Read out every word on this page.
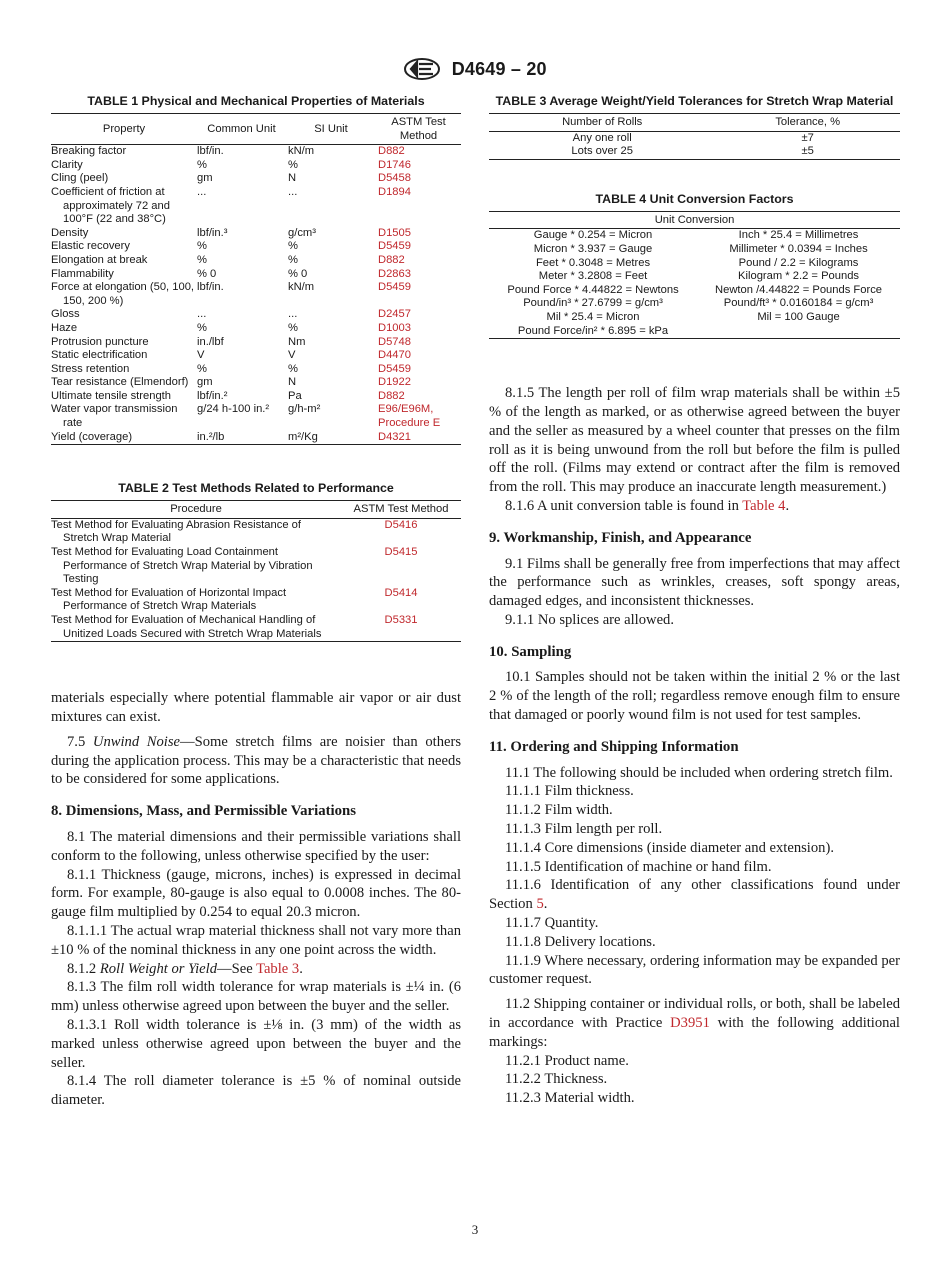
D4649 – 20
TABLE 1 Physical and Mechanical Properties of Materials
Property	Common Unit	SI Unit	ASTM Test Method
Breaking factor	lbf/in.	kN/m	D882
Clarity	%	%	D1746
Cling (peel)	gm	N	D5458
Coefficient of friction at approximately 72 and 100°F (22 and 38°C)	...	...	D1894
Density	lbf/in.³	g/cm³	D1505
Elastic recovery	%	%	D5459
Elongation at break	%	%	D882
Flammability	% 0	% 0	D2863
Force at elongation (50, 100, 150, 200 %)	lbf/in.	kN/m	D5459
Gloss	...	...	D2457
Haze	%	%	D1003
Protrusion puncture	in./lbf	Nm	D5748
Static electrification	V	V	D4470
Stress retention	%	%	D5459
Tear resistance (Elmendorf)	gm	N	D1922
Ultimate tensile strength	lbf/in.²	Pa	D882
Water vapor transmission rate	g/24 h-100 in.²	g/h-m²	E96/E96M, Procedure E
Yield (coverage)	in.²/lb	m²/Kg	D4321
TABLE 2 Test Methods Related to Performance
Procedure	ASTM Test Method
Test Method for Evaluating Abrasion Resistance of Stretch Wrap Material	D5416
Test Method for Evaluating Load Containment Performance of Stretch Wrap Material by Vibration Testing	D5415
Test Method for Evaluation of Horizontal Impact Performance of Stretch Wrap Materials	D5414
Test Method for Evaluation of Mechanical Handling of Unitized Loads Secured with Stretch Wrap Materials	D5331

materials especially where potential flammable air vapor or air dust mixtures can exist.

7.5 Unwind Noise—Some stretch films are noisier than others during the application process. This may be a characteristic that needs to be considered for some applications.

8. Dimensions, Mass, and Permissible Variations

8.1 The material dimensions and their permissible variations shall conform to the following, unless otherwise specified by the user:

8.1.1 Thickness (gauge, microns, inches) is expressed in decimal form. For example, 80-gauge is also equal to 0.0008 inches. The 80-gauge film multiplied by 0.254 to equal 20.3 micron.

8.1.1.1 The actual wrap material thickness shall not vary more than ±10 % of the nominal thickness in any one point across the width.

8.1.2 Roll Weight or Yield—See Table 3.

8.1.3 The film roll width tolerance for wrap materials is ±¼ in. (6 mm) unless otherwise agreed upon between the buyer and the seller.

8.1.3.1 Roll width tolerance is ±⅛ in. (3 mm) of the width as marked unless otherwise agreed upon between the buyer and the seller.

8.1.4 The roll diameter tolerance is ±5 % of nominal outside diameter.

TABLE 3 Average Weight/Yield Tolerances for Stretch Wrap Material
Number of Rolls	Tolerance, %
Any one roll	±7
Lots over 25	±5
TABLE 4 Unit Conversion Factors
Unit Conversion	
Gauge * 0.254 = Micron	Inch * 25.4 = Millimetres
Micron * 3.937 = Gauge	Millimeter * 0.0394 = Inches
Feet * 0.3048 = Metres	Pound / 2.2 = Kilograms
Meter * 3.2808 = Feet	Kilogram * 2.2 = Pounds
Pound Force * 4.44822 = Newtons	Newton /4.44822 = Pounds Force
Pound/in³ * 27.6799 = g/cm³	Pound/ft³ * 0.0160184 = g/cm³
Mil * 25.4 = Micron	Mil = 100 Gauge
Pound Force/in² * 6.895 = kPa	

8.1.5 The length per roll of film wrap materials shall be within ±5 % of the length as marked, or as otherwise agreed between the buyer and the seller as measured by a wheel counter that presses on the film roll as it is being unwound from the roll but before the film is pulled off the roll. (Films may extend or contract after the film is removed from the roll. This may produce an inaccurate length measurement.)

8.1.6 A unit conversion table is found in Table 4.

9. Workmanship, Finish, and Appearance

9.1 Films shall be generally free from imperfections that may affect the performance such as wrinkles, creases, soft spongy areas, damaged edges, and inconsistent thicknesses.

9.1.1 No splices are allowed.

10. Sampling

10.1 Samples should not be taken within the initial 2 % or the last 2 % of the length of the roll; regardless remove enough film to ensure that damaged or poorly wound film is not used for test samples.

11. Ordering and Shipping Information

11.1 The following should be included when ordering stretch film.

11.1.1 Film thickness.

11.1.2 Film width.

11.1.3 Film length per roll.

11.1.4 Core dimensions (inside diameter and extension).

11.1.5 Identification of machine or hand film.

11.1.6 Identification of any other classifications found under Section 5.

11.1.7 Quantity.

11.1.8 Delivery locations.

11.1.9 Where necessary, ordering information may be expanded per customer request.

11.2 Shipping container or individual rolls, or both, shall be labeled in accordance with Practice D3951 with the following additional markings:

11.2.1 Product name.

11.2.2 Thickness.

11.2.3 Material width.

3
